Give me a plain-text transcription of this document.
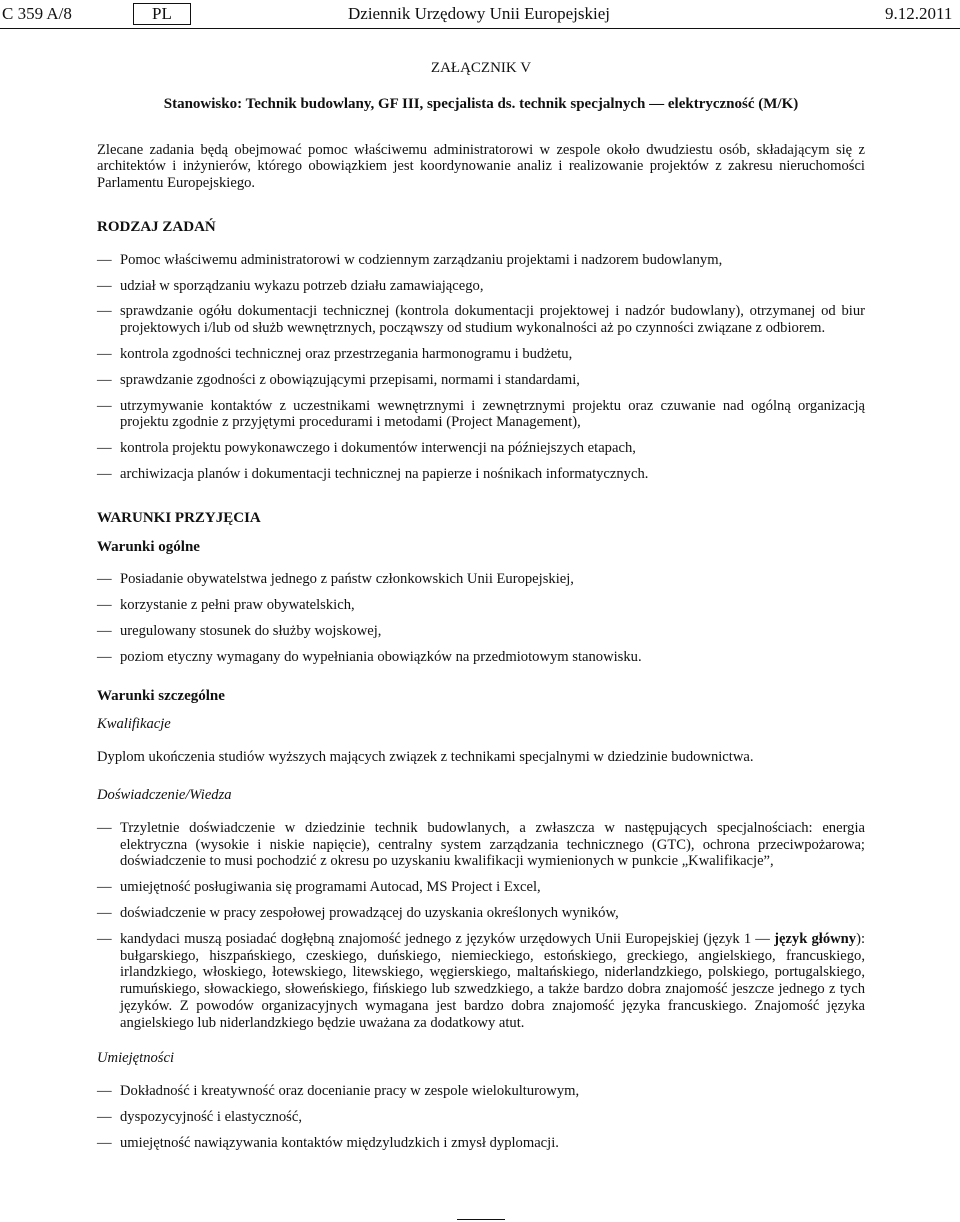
C 359 A/8	PL	Dziennik Urzędowy Unii Europejskiej	9.12.2011

ZAŁĄCZNIK V

Stanowisko: Technik budowlany, GF III, specjalista ds. technik specjalnych — elektryczność (M/K)

Zlecane zadania będą obejmować pomoc właściwemu administratorowi w zespole około dwudziestu osób, składającym się z architektów i inżynierów, którego obowiązkiem jest koordynowanie analiz i realizowanie projektów z zakresu nieruchomości Parlamentu Europejskiego.

RODZAJ ZADAŃ

— Pomoc właściwemu administratorowi w codziennym zarządzaniu projektami i nadzorem budowlanym,
— udział w sporządzaniu wykazu potrzeb działu zamawiającego,
— sprawdzanie ogółu dokumentacji technicznej (kontrola dokumentacji projektowej i nadzór budowlany), otrzymanej od biur projektowych i/lub od służb wewnętrznych, począwszy od studium wykonalności aż po czynności związane z odbiorem.
— kontrola zgodności technicznej oraz przestrzegania harmonogramu i budżetu,
— sprawdzanie zgodności z obowiązującymi przepisami, normami i standardami,
— utrzymywanie kontaktów z uczestnikami wewnętrznymi i zewnętrznymi projektu oraz czuwanie nad ogólną organizacją projektu zgodnie z przyjętymi procedurami i metodami (Project Management),
— kontrola projektu powykonawczego i dokumentów interwencji na późniejszych etapach,
— archiwizacja planów i dokumentacji technicznej na papierze i nośnikach informatycznych.

WARUNKI PRZYJĘCIA

Warunki ogólne

— Posiadanie obywatelstwa jednego z państw członkowskich Unii Europejskiej,
— korzystanie z pełni praw obywatelskich,
— uregulowany stosunek do służby wojskowej,
— poziom etyczny wymagany do wypełniania obowiązków na przedmiotowym stanowisku.

Warunki szczególne

Kwalifikacje

Dyplom ukończenia studiów wyższych mających związek z technikami specjalnymi w dziedzinie budownictwa.

Doświadczenie/Wiedza

— Trzyletnie doświadczenie w dziedzinie technik budowlanych, a zwłaszcza w następujących specjalnościach: energia elektryczna (wysokie i niskie napięcie), centralny system zarządzania technicznego (GTC), ochrona przeciwpożarowa; doświadczenie to musi pochodzić z okresu po uzyskaniu kwalifikacji wymienionych w punkcie „Kwalifikacje”,
— umiejętność posługiwania się programami Autocad, MS Project i Excel,
— doświadczenie w pracy zespołowej prowadzącej do uzyskania określonych wyników,
— kandydaci muszą posiadać dogłębną znajomość jednego z języków urzędowych Unii Europejskiej (język 1 — język główny): bułgarskiego, hiszpańskiego, czeskiego, duńskiego, niemieckiego, estońskiego, greckiego, angielskiego, francuskiego, irlandzkiego, włoskiego, łotewskiego, litewskiego, węgierskiego, maltańskiego, niderlandzkiego, polskiego, portugalskiego, rumuńskiego, słowackiego, słoweńskiego, fińskiego lub szwedzkiego, a także bardzo dobra znajomość jeszcze jednego z tych języków. Z powodów organizacyjnych wymagana jest bardzo dobra znajomość języka francuskiego. Znajomość języka angielskiego lub niderlandzkiego będzie uważana za dodatkowy atut.

Umiejętności

— Dokładność i kreatywność oraz docenianie pracy w zespole wielokulturowym,
— dyspozycyjność i elastyczność,
— umiejętność nawiązywania kontaktów międzyludzkich i zmysł dyplomacji.
